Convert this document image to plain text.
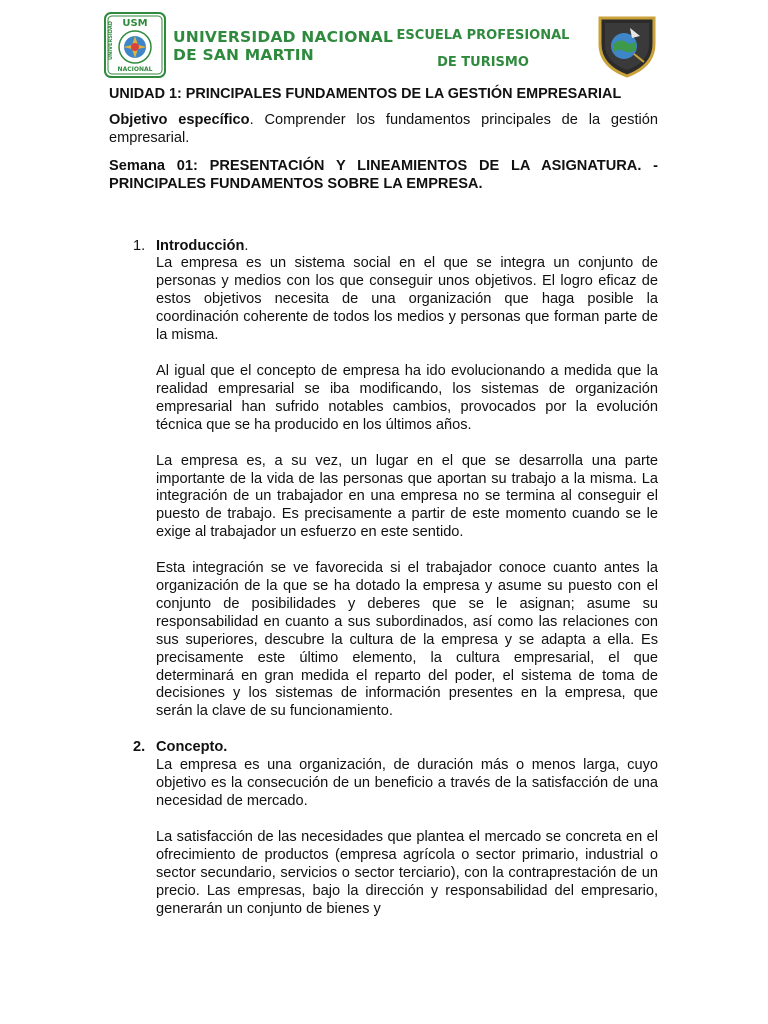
USM
NACIONAL
UNIVERSIDAD	UNIVERSIDAD NACIONAL
DE SAN MARTIN
ESCUELA PROFESIONAL
DE TURISMO
UNIDAD 1: PRINCIPALES FUNDAMENTOS DE LA GESTIÓN EMPRESARIAL

Objetivo específico. Comprender los fundamentos principales de la gestión empresarial.

Semana 01: PRESENTACIÓN Y LINEAMIENTOS DE LA ASIGNATURA. - PRINCIPALES FUNDAMENTOS SOBRE LA EMPRESA.

1. Introducción.

La empresa es un sistema social en el que se integra un conjunto de personas y medios con los que conseguir unos objetivos. El logro eficaz de estos objetivos necesita de una organización que haga posible la coordinación coherente de todos los medios y personas que forman parte de la misma.

Al igual que el concepto de empresa ha ido evolucionando a medida que la realidad empresarial se iba modificando, los sistemas de organización empresarial han sufrido notables cambios, provocados por la evolución técnica que se ha producido en los últimos años.

La empresa es, a su vez, un lugar en el que se desarrolla una parte importante de la vida de las personas que aportan su trabajo a la misma. La integración de un trabajador en una empresa no se termina al conseguir el puesto de trabajo. Es precisamente a partir de este momento cuando se le exige al trabajador un esfuerzo en este sentido.

Esta integración se ve favorecida si el trabajador conoce cuanto antes la organización de la que se ha dotado la empresa y asume su puesto con el conjunto de posibilidades y deberes que se le asignan; asume su responsabilidad en cuanto a sus subordinados, así como las relaciones con sus superiores, descubre la cultura de la empresa y se adapta a ella. Es precisamente este último elemento, la cultura empresarial, el que determinará en gran medida el reparto del poder, el sistema de toma de decisiones y los sistemas de información presentes en la empresa, que serán la clave de su funcionamiento.

2. Concepto.

La empresa es una organización, de duración más o menos larga, cuyo objetivo es la consecución de un beneficio a través de la satisfacción de una necesidad de mercado.

La satisfacción de las necesidades que plantea el mercado se concreta en el ofrecimiento de productos (empresa agrícola o sector primario, industrial o sector secundario, servicios o sector terciario), con la contraprestación de un precio. Las empresas, bajo la dirección y responsabilidad del empresario, generarán un conjunto de bienes y
